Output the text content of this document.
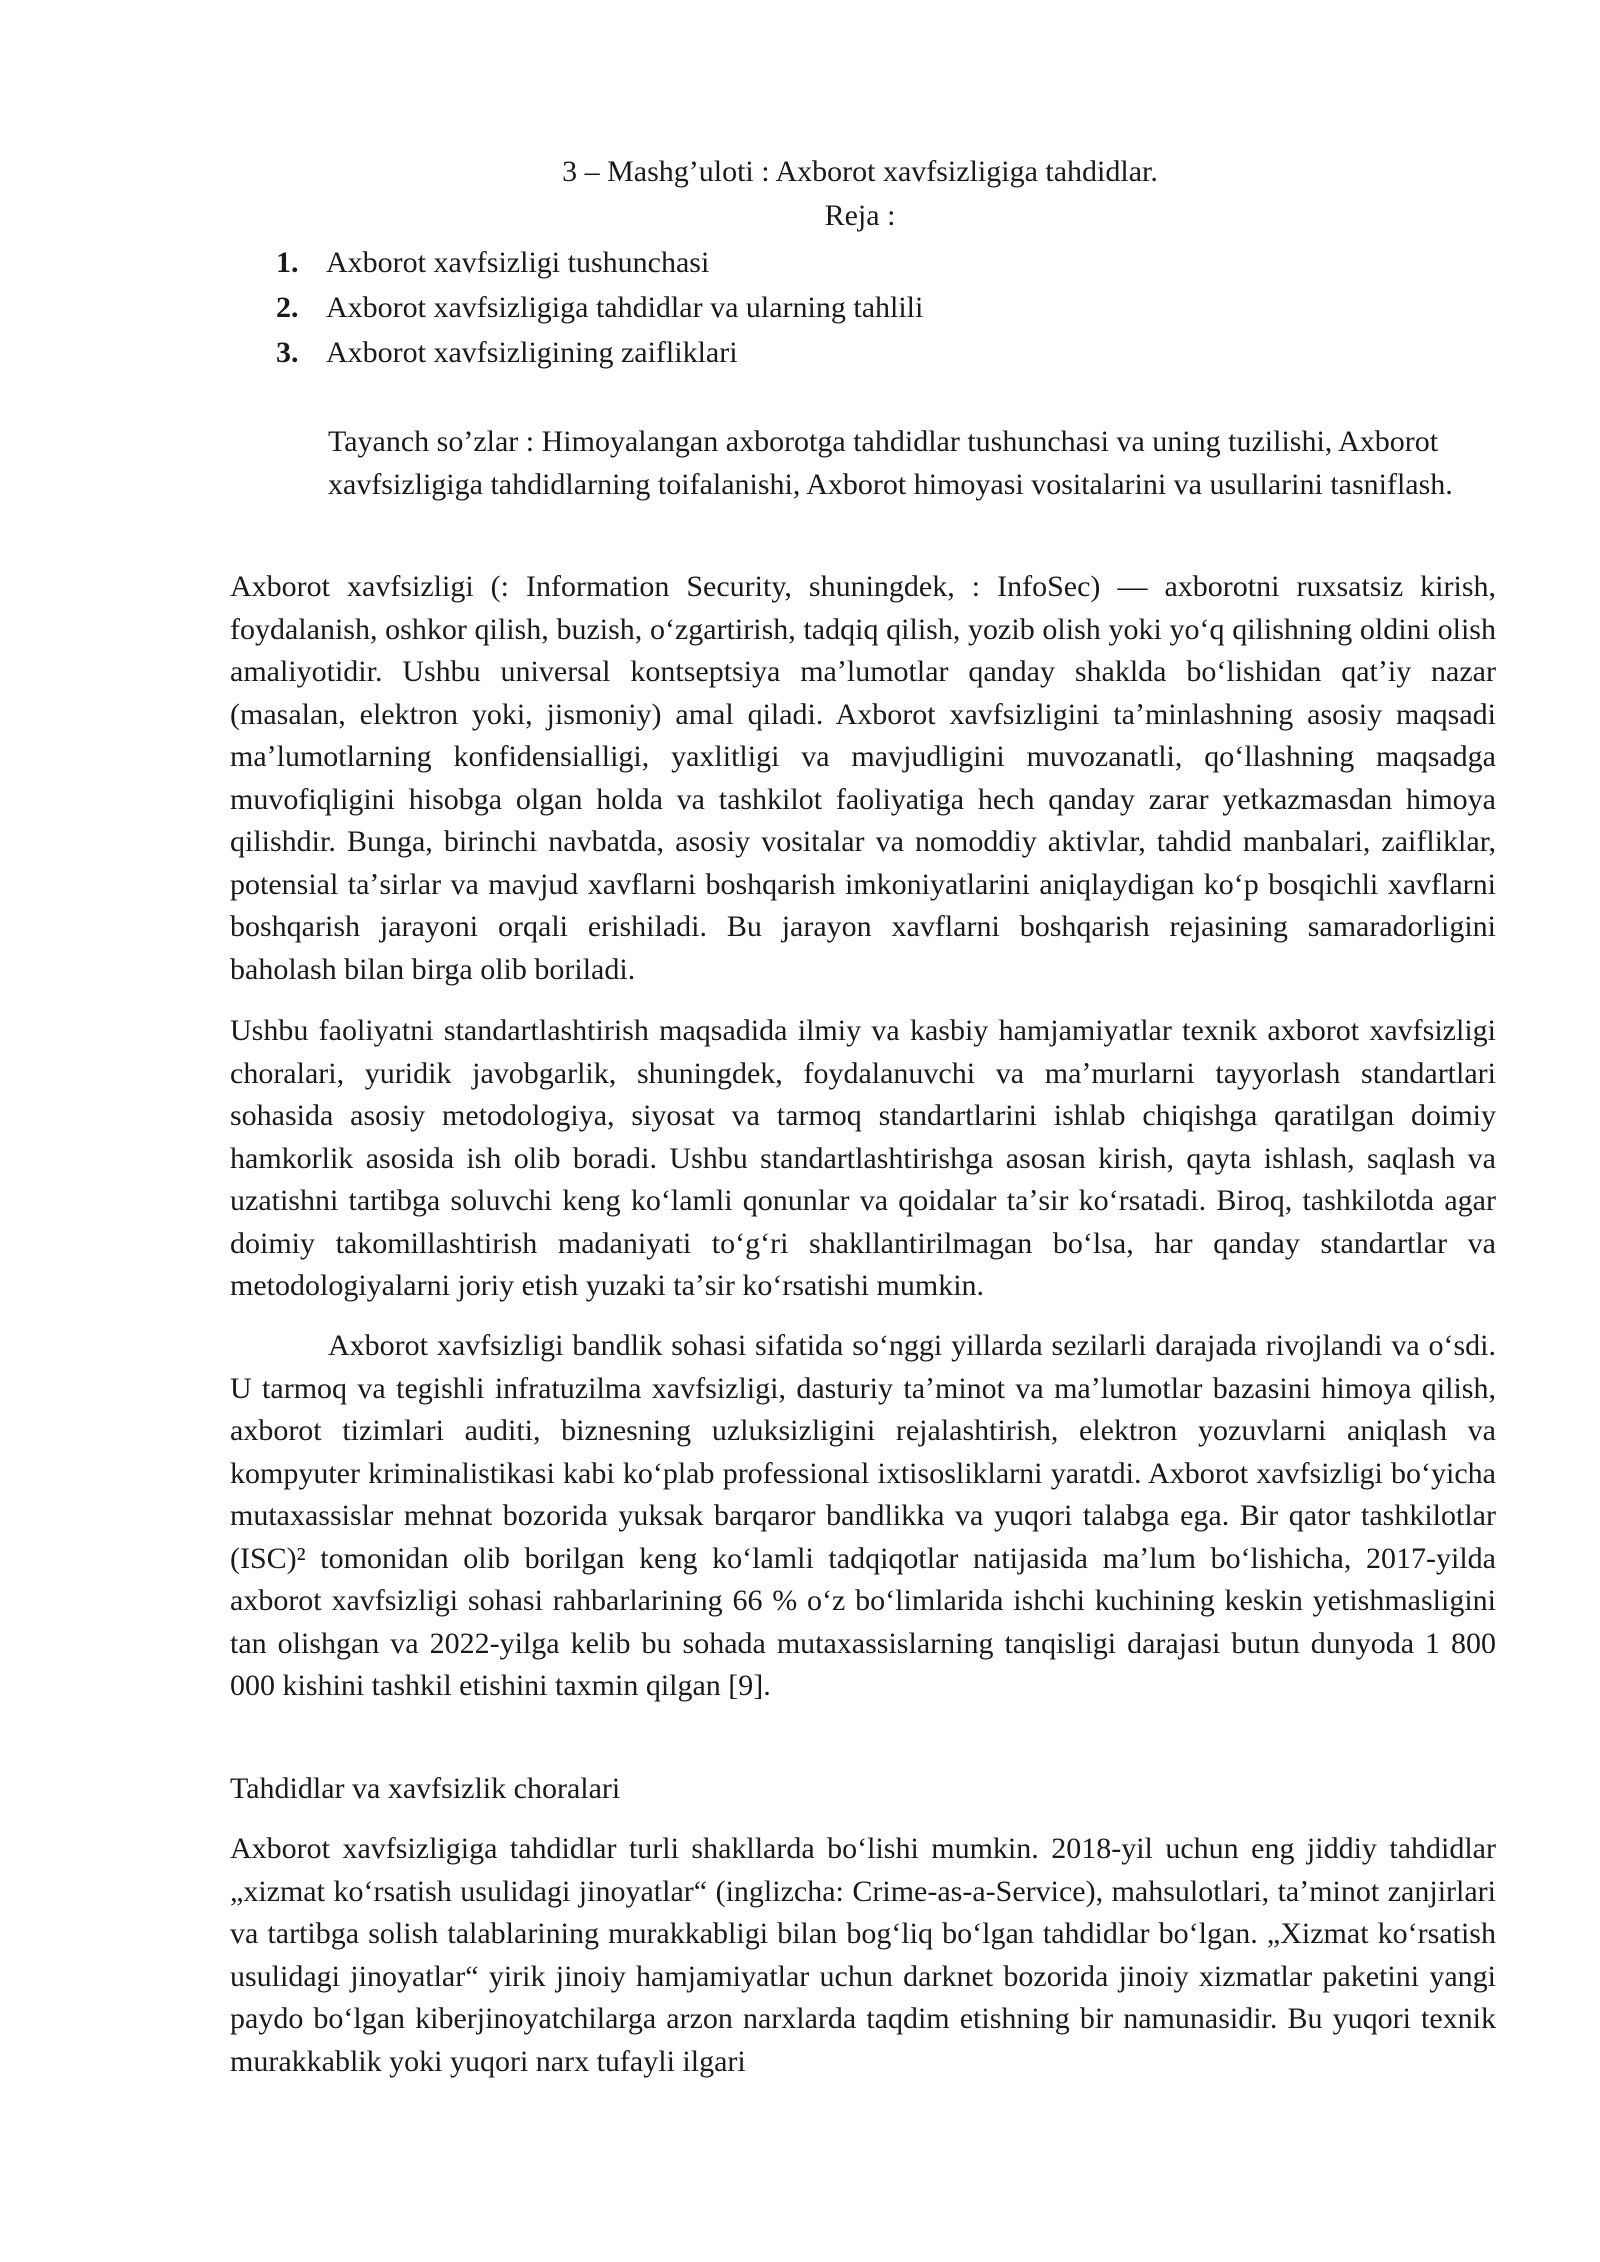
3 – Mashg’uloti : Axborot xavfsizligiga tahdidlar.
Reja :
1. Axborot xavfsizligi tushunchasi
2. Axborot xavfsizligiga tahdidlar va ularning tahlili
3. Axborot xavfsizligining zaifliklari
Tayanch so’zlar : Himoyalangan axborotga tahdidlar tushunchasi va uning tuzilishi, Axborot xavfsizligiga tahdidlarning toifalanishi, Axborot himoyasi vositalarini va usullarini tasniflash.

Axborot xavfsizligi (: Information Security, shuningdek, : InfoSec) — axborotni ruxsatsiz kirish, foydalanish, oshkor qilish, buzish, oʻzgartirish, tadqiq qilish, yozib olish yoki yoʻq qilishning oldini olish amaliyotidir. Ushbu universal kontseptsiya maʼlumotlar qanday shaklda boʻlishidan qatʼiy nazar (masalan, elektron yoki, jismoniy) amal qiladi. Axborot xavfsizligini taʼminlashning asosiy maqsadi maʼlumotlarning konfidensialligi, yaxlitligi va mavjudligini muvozanatli, qoʻllashning maqsadga muvofiqligini hisobga olgan holda va tashkilot faoliyatiga hech qanday zarar yetkazmasdan himoya qilishdir. Bunga, birinchi navbatda, asosiy vositalar va nomoddiy aktivlar, tahdid manbalari, zaifliklar, potensial taʼsirlar va mavjud xavflarni boshqarish imkoniyatlarini aniqlaydigan koʻp bosqichli xavflarni boshqarish jarayoni orqali erishiladi. Bu jarayon xavflarni boshqarish rejasining samaradorligini baholash bilan birga olib boriladi.

Ushbu faoliyatni standartlashtirish maqsadida ilmiy va kasbiy hamjamiyatlar texnik axborot xavfsizligi choralari, yuridik javobgarlik, shuningdek, foydalanuvchi va maʼmurlarni tayyorlash standartlari sohasida asosiy metodologiya, siyosat va tarmoq standartlarini ishlab chiqishga qaratilgan doimiy hamkorlik asosida ish olib boradi. Ushbu standartlashtirishga asosan kirish, qayta ishlash, saqlash va uzatishni tartibga soluvchi keng koʻlamli qonunlar va qoidalar taʼsir koʻrsatadi. Biroq, tashkilotda agar doimiy takomillashtirish madaniyati toʻgʻri shakllantirilmagan boʻlsa, har qanday standartlar va metodologiyalarni joriy etish yuzaki taʼsir koʻrsatishi mumkin.

Axborot xavfsizligi bandlik sohasi sifatida soʻnggi yillarda sezilarli darajada rivojlandi va oʻsdi. U tarmoq va tegishli infratuzilma xavfsizligi, dasturiy taʼminot va maʼlumotlar bazasini himoya qilish, axborot tizimlari auditi, biznesning uzluksizligini rejalashtirish, elektron yozuvlarni aniqlash va kompyuter kriminalistikasi kabi koʻplab professional ixtisosliklarni yaratdi. Axborot xavfsizligi boʻyicha mutaxassislar mehnat bozorida yuksak barqaror bandlikka va yuqori talabga ega. Bir qator tashkilotlar (ISC)² tomonidan olib borilgan keng koʻlamli tadqiqotlar natijasida maʼlum boʻlishicha, 2017-yilda axborot xavfsizligi sohasi rahbarlarining 66 % oʻz boʻlimlarida ishchi kuchining keskin yetishmasligini tan olishgan va 2022-yilga kelib bu sohada mutaxassislarning tanqisligi darajasi butun dunyoda 1 800 000 kishini tashkil etishini taxmin qilgan [9].

Tahdidlar va xavfsizlik choralari

Axborot xavfsizligiga tahdidlar turli shakllarda boʻlishi mumkin. 2018-yil uchun eng jiddiy tahdidlar „xizmat koʻrsatish usulidagi jinoyatlar“ (inglizcha: Crime-as-a-Service), mahsulotlari, taʼminot zanjirlari va tartibga solish talablarining murakkabligi bilan bogʻliq boʻlgan tahdidlar boʻlgan. „Xizmat koʻrsatish usulidagi jinoyatlar“ yirik jinoiy hamjamiyatlar uchun darknet bozorida jinoiy xizmatlar paketini yangi paydo boʻlgan kiberjinoyatchilarga arzon narxlarda taqdim etishning bir namunasidir. Bu yuqori texnik murakkablik yoki yuqori narx tufayli ilgari
